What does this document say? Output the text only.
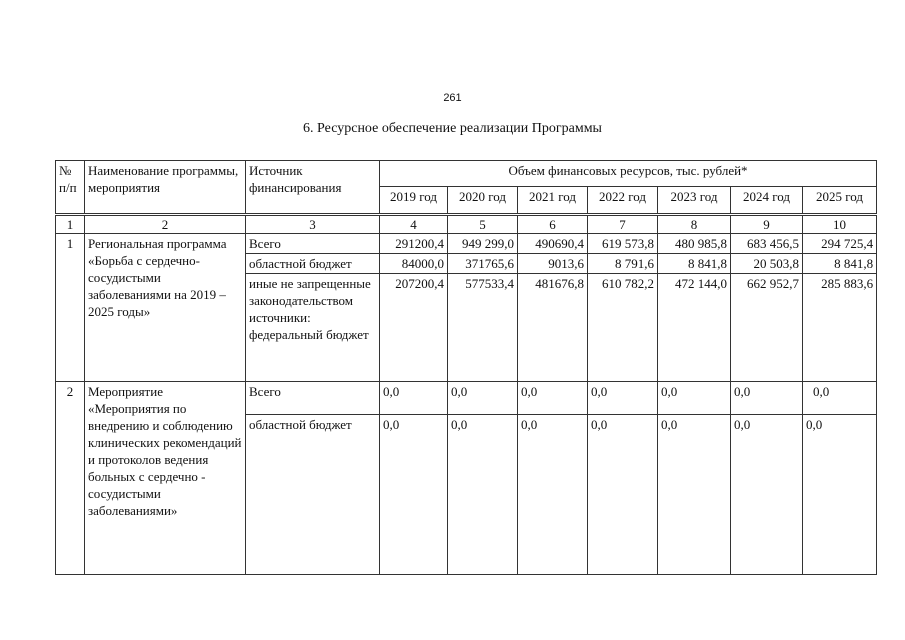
261
6. Ресурсное обеспечение реализации Программы
№ п/п	Наименование программы, мероприятия	Источник финансирования	Объем финансовых ресурсов, тыс. рублей*						
			2019 год	2020 год	2021 год	2022 год	2023 год	2024 год	2025 год
1	2	3	4	5	6	7	8	9	10
1	Региональная программа «Борьба с сердечно-сосудистыми заболеваниями на 2019 – 2025 годы»	Всего	291200,4	949 299,0	490690,4	619 573,8	480 985,8	683 456,5	294 725,4
		областной бюджет	84000,0	371765,6	9013,6	8 791,6	8 841,8	20 503,8	8 841,8
		иные не запрещенные законодательством источники: федеральный бюджет	207200,4	577533,4	481676,8	610 782,2	472 144,0	662 952,7	285 883,6
2	Мероприятие «Мероприятия по внедрению и соблюдению клинических рекомендаций и протоколов ведения больных с сердечно - сосудистыми заболеваниями»	Всего	0,0	0,0	0,0	0,0	0,0	0,0	0,0
		областной бюджет	0,0	0,0	0,0	0,0	0,0	0,0	0,0
